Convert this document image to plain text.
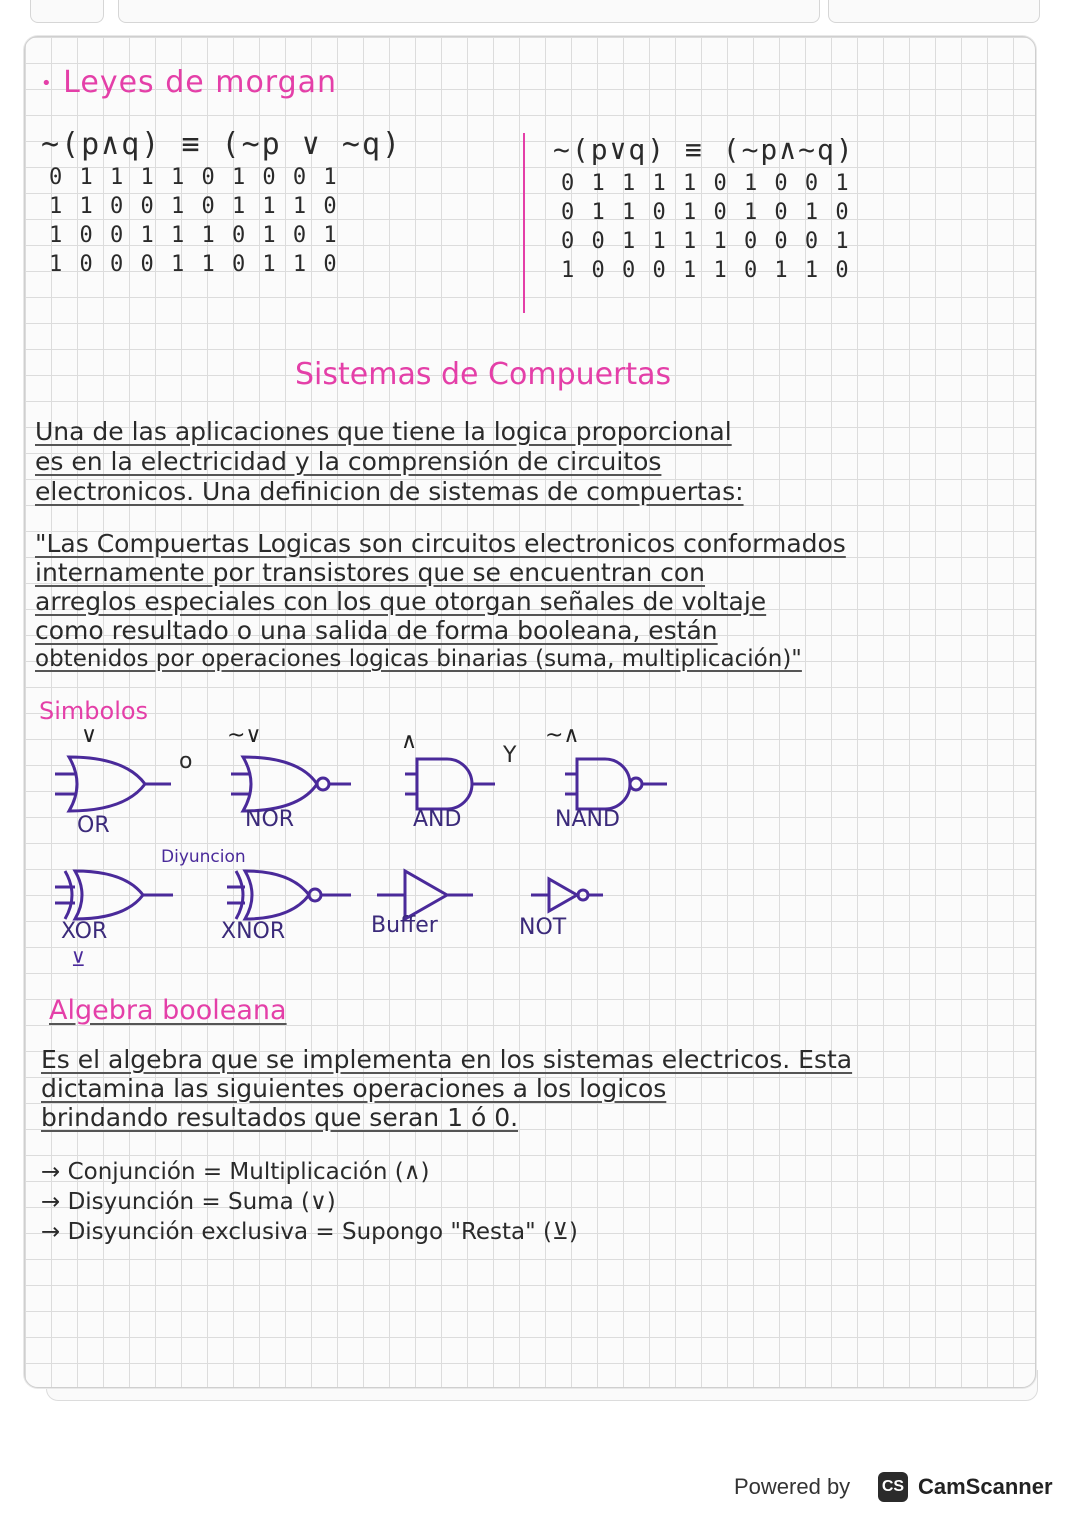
• Leyes de morgan
~(p∧q) ≡ (~p ∨ ~q)	~(p∨q) ≡ (~p∧~q)
0 1 1 1 1 0 1 0 0 1
1 1 0 0 1 0 1 1 1 0
1 0 0 1 1 1 0 1 0 1
1 0 0 0 1 1 0 1 1 0
0 1 1 1 1 0 1 0 0 1
0 1 1 0 1 0 1 0 1 0
0 0 1 1 1 1 0 0 0 1
1 0 0 0 1 1 0 1 1 0
Sistemas de Compuertas
Una de las aplicaciones que tiene la logica proporcional
es en la electricidad y la comprensión de circuitos
electronicos. Una definicion de sistemas de compuertas:
"Las Compuertas Logicas son circuitos electronicos conformados
internamente por transistores que se encuentran con
arreglos especiales con los que otorgan señales de voltaje
como resultado o una salida de forma booleana, están
obtenidos por operaciones logicas binarias (suma, multiplicación)"
Simbolos
∨	~∨	∧	~∧
o	Y
OR	NOR	AND	NAND
Diyuncion
XOR	XNOR	Buffer	NOT
⊻
Algebra booleana
Es el algebra que se implementa en los sistemas electricos. Esta
dictamina las siguientes operaciones a los logicos
brindando resultados que seran 1 ó 0.
→ Conjunción = Multiplicación (∧)
→ Disyunción = Suma (∨)
→ Disyunción exclusiva = Supongo "Resta" (⊻)
Powered by CS CamScanner
